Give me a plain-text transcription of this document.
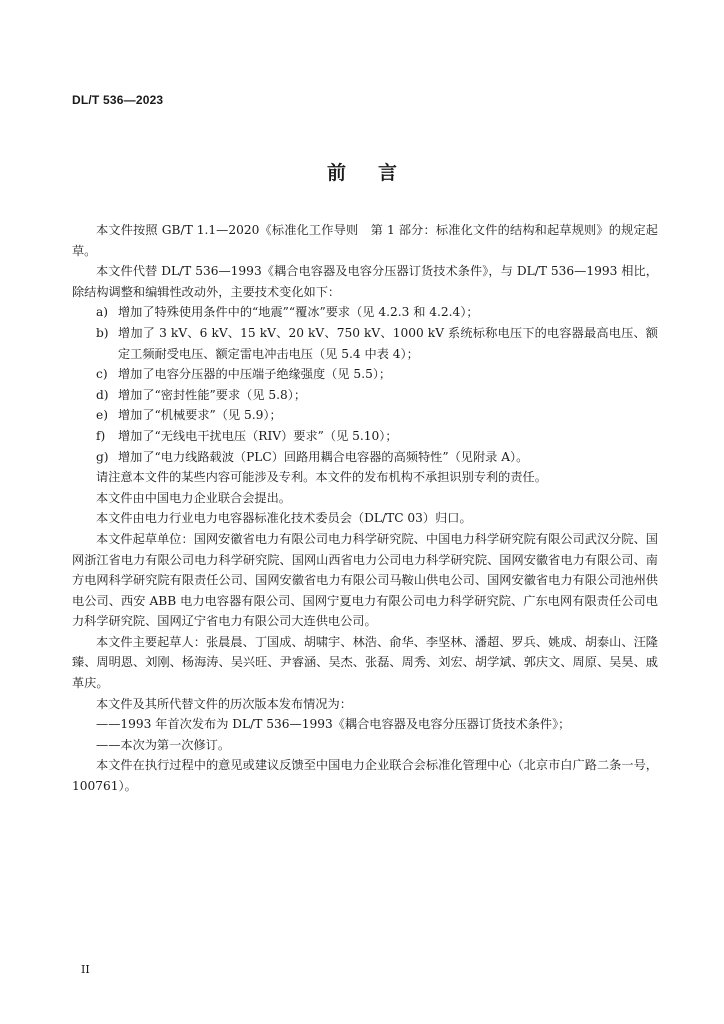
DL/T 536—2023
前言

本文件按照 GB/T 1.1—2020《标准化工作导则　第 1 部分：标准化文件的结构和起草规则》的规定起草。

本文件代替 DL/T 536—1993《耦合电容器及电容分压器订货技术条件》，与 DL/T 536—1993 相比，除结构调整和编辑性改动外，主要技术变化如下：

a) 增加了特殊使用条件中的“地震”“覆冰”要求（见 4.2.3 和 4.2.4）；
b) 增加了 3 kV、6 kV、15 kV、20 kV、750 kV、1000 kV 系统标称电压下的电容器最高电压、额定工频耐受电压、额定雷电冲击电压（见 5.4 中表 4）；
c) 增加了电容分压器的中压端子绝缘强度（见 5.5）；
d) 增加了“密封性能”要求（见 5.8）；
e) 增加了“机械要求”（见 5.9）；
f)	增加了“无线电干扰电压（RIV）要求”（见 5.10）；
g) 增加了“电力线路载波（PLC）回路用耦合电容器的高频特性”（见附录 A）。

请注意本文件的某些内容可能涉及专利。本文件的发布机构不承担识别专利的责任。

本文件由中国电力企业联合会提出。

本文件由电力行业电力电容器标准化技术委员会（DL/TC 03）归口。

本文件起草单位：国网安徽省电力有限公司电力科学研究院、中国电力科学研究院有限公司武汉分院、国网浙江省电力有限公司电力科学研究院、国网山西省电力公司电力科学研究院、国网安徽省电力有限公司、南方电网科学研究院有限责任公司、国网安徽省电力有限公司马鞍山供电公司、国网安徽省电力有限公司池州供电公司、西安 ABB 电力电容器有限公司、国网宁夏电力有限公司电力科学研究院、广东电网有限责任公司电力科学研究院、国网辽宁省电力有限公司大连供电公司。

本文件主要起草人：张晨晨、丁国成、胡啸宇、林浩、俞华、李坚林、潘超、罗兵、姚成、胡泰山、汪隆臻、周明恩、刘刚、杨海涛、吴兴旺、尹睿涵、吴杰、张磊、周秀、刘宏、胡学斌、郭庆文、周原、吴昊、戚革庆。

本文件及其所代替文件的历次版本发布情况为：

——1993 年首次发布为 DL/T 536—1993《耦合电容器及电容分压器订货技术条件》；

——本次为第一次修订。

本文件在执行过程中的意见或建议反馈至中国电力企业联合会标准化管理中心（北京市白广路二条一号，100761）。

II
